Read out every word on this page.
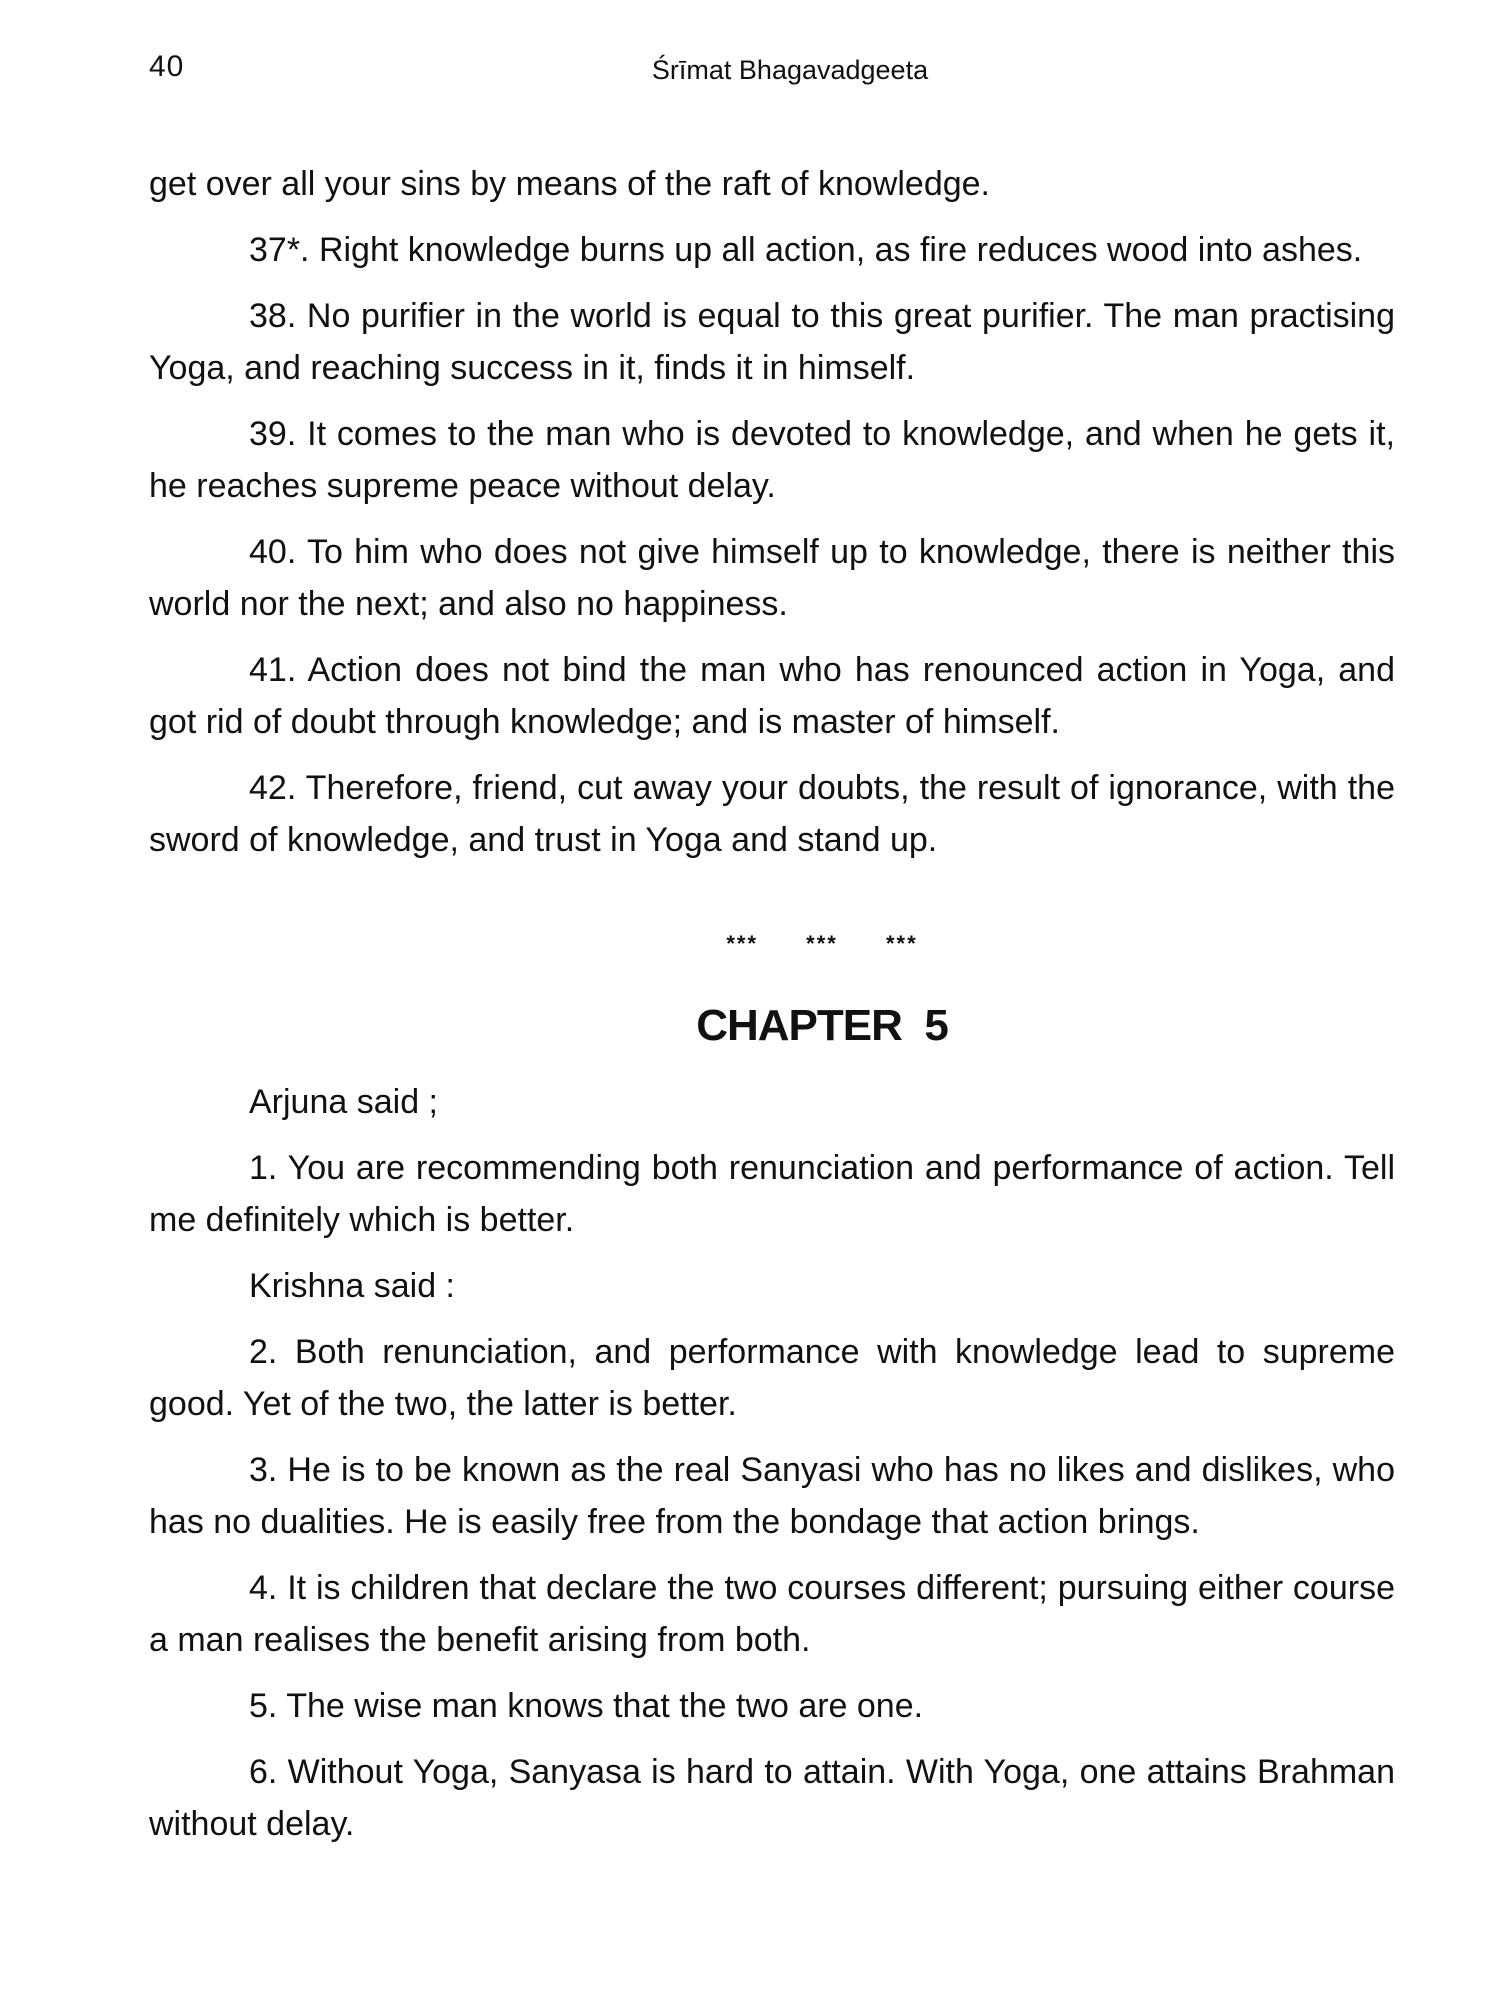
40	Śrīmat Bhagavadgeeta

get over all your sins by means of the raft of knowledge.

37*. Right knowledge burns up all action, as fire reduces wood into ashes.

38. No purifier in the world is equal to this great purifier. The man practising Yoga, and reaching success in it, finds it in himself.

39. It comes to the man who is devoted to knowledge, and when he gets it, he reaches supreme peace without delay.

40. To him who does not give himself up to knowledge, there is neither this world nor the next; and also no happiness.

41. Action does not bind the man who has renounced action in Yoga, and got rid of doubt through knowledge; and is master of himself.

42. Therefore, friend, cut away your doubts, the result of ignorance, with the sword of knowledge, and trust in Yoga and stand up.

*** *** ***
CHAPTER  5

Arjuna said ;

1. You are recommending both renunciation and performance of action. Tell me definitely which is better.

Krishna said :

2. Both renunciation, and performance with knowledge lead to supreme good. Yet of the two, the latter is better.

3. He is to be known as the real Sanyasi who has no likes and dislikes, who has no dualities. He is easily free from the bondage that action brings.

4. It is children that declare the two courses different; pursuing either course a man realises the benefit arising from both.

5. The wise man knows that the two are one.

6. Without Yoga, Sanyasa is hard to attain. With Yoga, one attains Brahman without delay.
